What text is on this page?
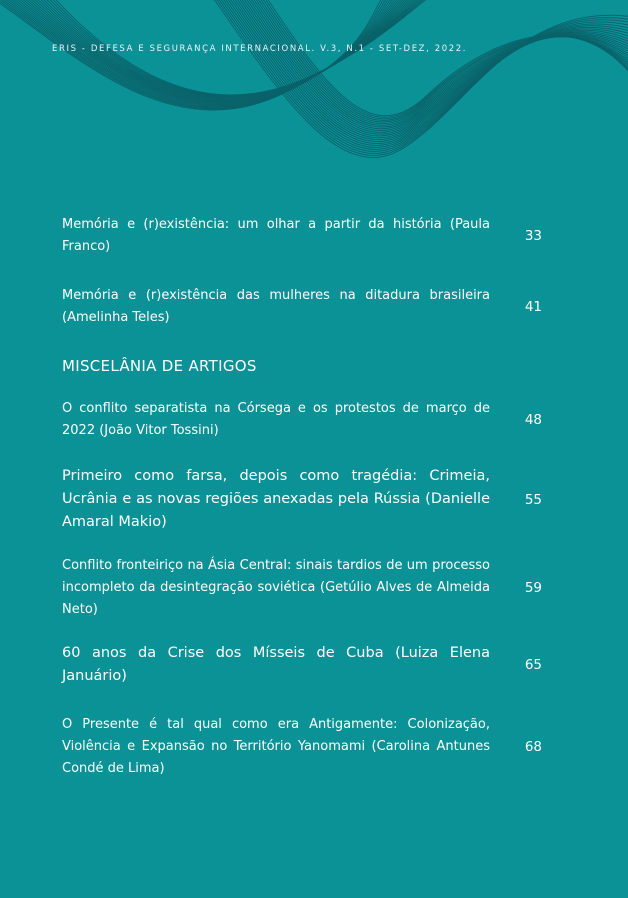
ERIS - DEFESA E SEGURANÇA INTERNACIONAL. V.3, N.1 - SET-DEZ, 2022.
Memória e (r)existência: um olhar a partir da história (Paula Franco)
33
Memória e (r)existência das mulheres na ditadura brasileira (Amelinha Teles)
41
MISCELÂNIA DE ARTIGOS
O conflito separatista na Córsega e os protestos de março de 2022 (João Vitor Tossini)
48
Primeiro como farsa, depois como tragédia: Crimeia, Ucrânia e as novas regiões anexadas pela Rússia (Danielle Amaral Makio)
55
Conflito fronteiriço na Ásia Central: sinais tardios de um processo incompleto da desintegração soviética (Getúlio Alves de Almeida Neto)
59
60 anos da Crise dos Mísseis de Cuba (Luiza Elena Januário)
65
O Presente é tal qual como era Antigamente: Colonização, Violência e Expansão no Território Yanomami (Carolina Antunes Condé de Lima)
68
